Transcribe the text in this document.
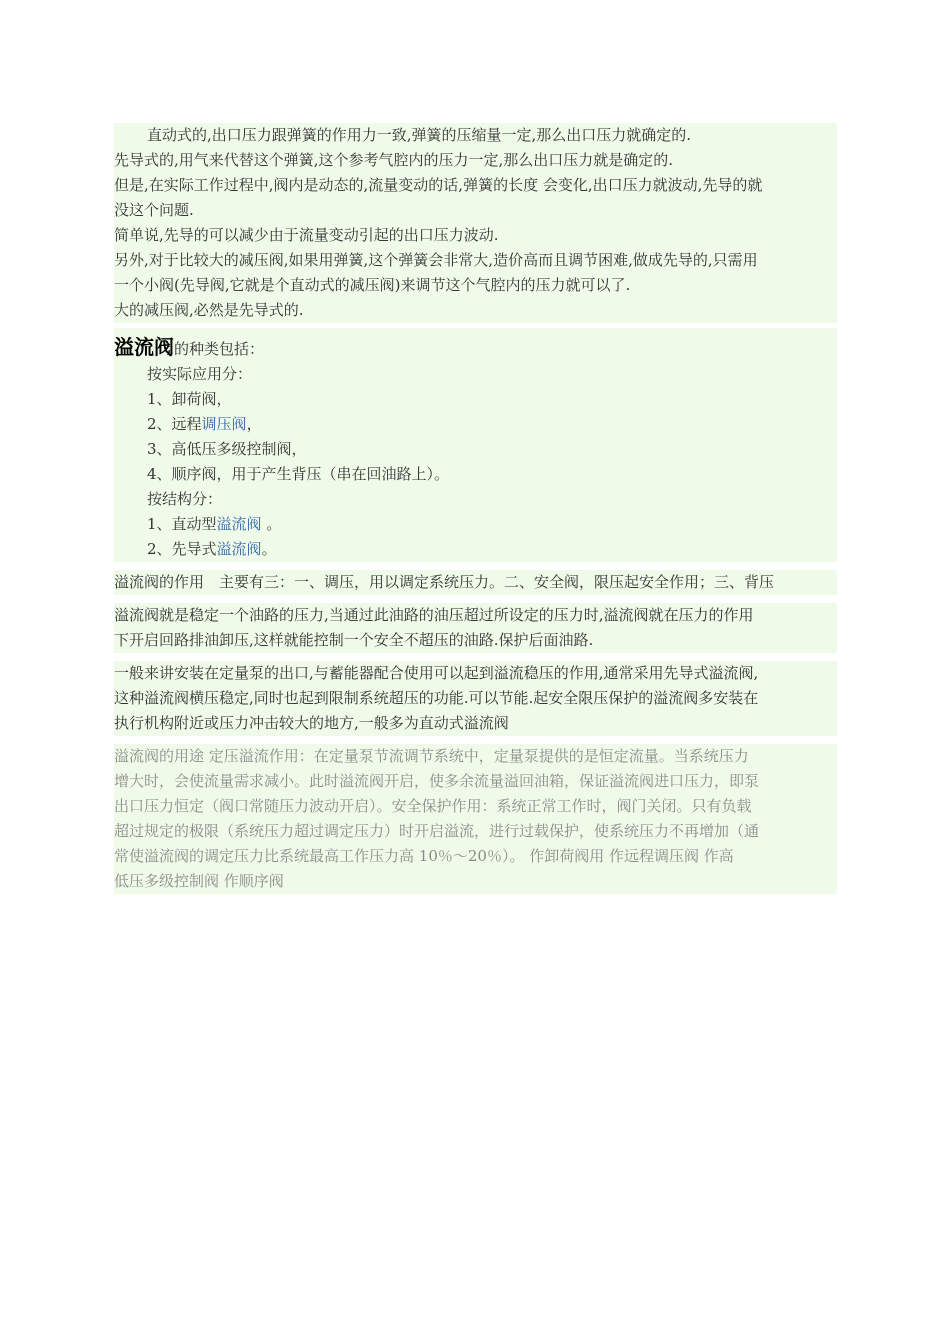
直动式的,出口压力跟弹簧的作用力一致,弹簧的压缩量一定,那么出口压力就确定的.
先导式的,用气来代替这个弹簧,这个参考气腔内的压力一定,那么出口压力就是确定的.
但是,在实际工作过程中,阀内是动态的,流量变动的话,弹簧的长度 会变化,出口压力就波动,先导的就
没这个问题.
简单说,先导的可以减少由于流量变动引起的出口压力波动.
另外,对于比较大的减压阀,如果用弹簧,这个弹簧会非常大,造价高而且调节困难,做成先导的,只需用
一个小阀(先导阀,它就是个直动式的减压阀)来调节这个气腔内的压力就可以了.
大的减压阀,必然是先导式的.
溢流阀 的种类包括：
按实际应用分：
1、卸荷阀，
2、远程调压阀，
3、高低压多级控制阀，
4、顺序阀，用于产生背压（串在回油路上）。
按结构分：
1、直动型溢流阀 。
2、先导式溢流阀。
溢流阀的作用　主要有三：一、调压，用以调定系统压力。二、安全阀，限压起安全作用；三、背压
溢流阀就是稳定一个油路的压力,当通过此油路的油压超过所设定的压力时,溢流阀就在压力的作用
下开启回路排油卸压,这样就能控制一个安全不超压的油路.保护后面油路.
一般来讲安装在定量泵的出口,与蓄能器配合使用可以起到溢流稳压的作用,通常采用先导式溢流阀,
这种溢流阀横压稳定,同时也起到限制系统超压的功能.可以节能.起安全限压保护的溢流阀多安装在
执行机构附近或压力冲击较大的地方,一般多为直动式溢流阀
溢流阀的用途 定压溢流作用：在定量泵节流调节系统中，定量泵提供的是恒定流量。当系统压力
增大时，会使流量需求减小。此时溢流阀开启，使多余流量溢回油箱，保证溢流阀进口压力，即泵
出口压力恒定（阀口常随压力波动开启）。安全保护作用：系统正常工作时，阀门关闭。只有负载
超过规定的极限（系统压力超过调定压力）时开启溢流，进行过载保护，使系统压力不再增加（通
常使溢流阀的调定压力比系统最高工作压力高 10％～20％）。 作卸荷阀用 作远程调压阀 作高
低压多级控制阀 作顺序阀
